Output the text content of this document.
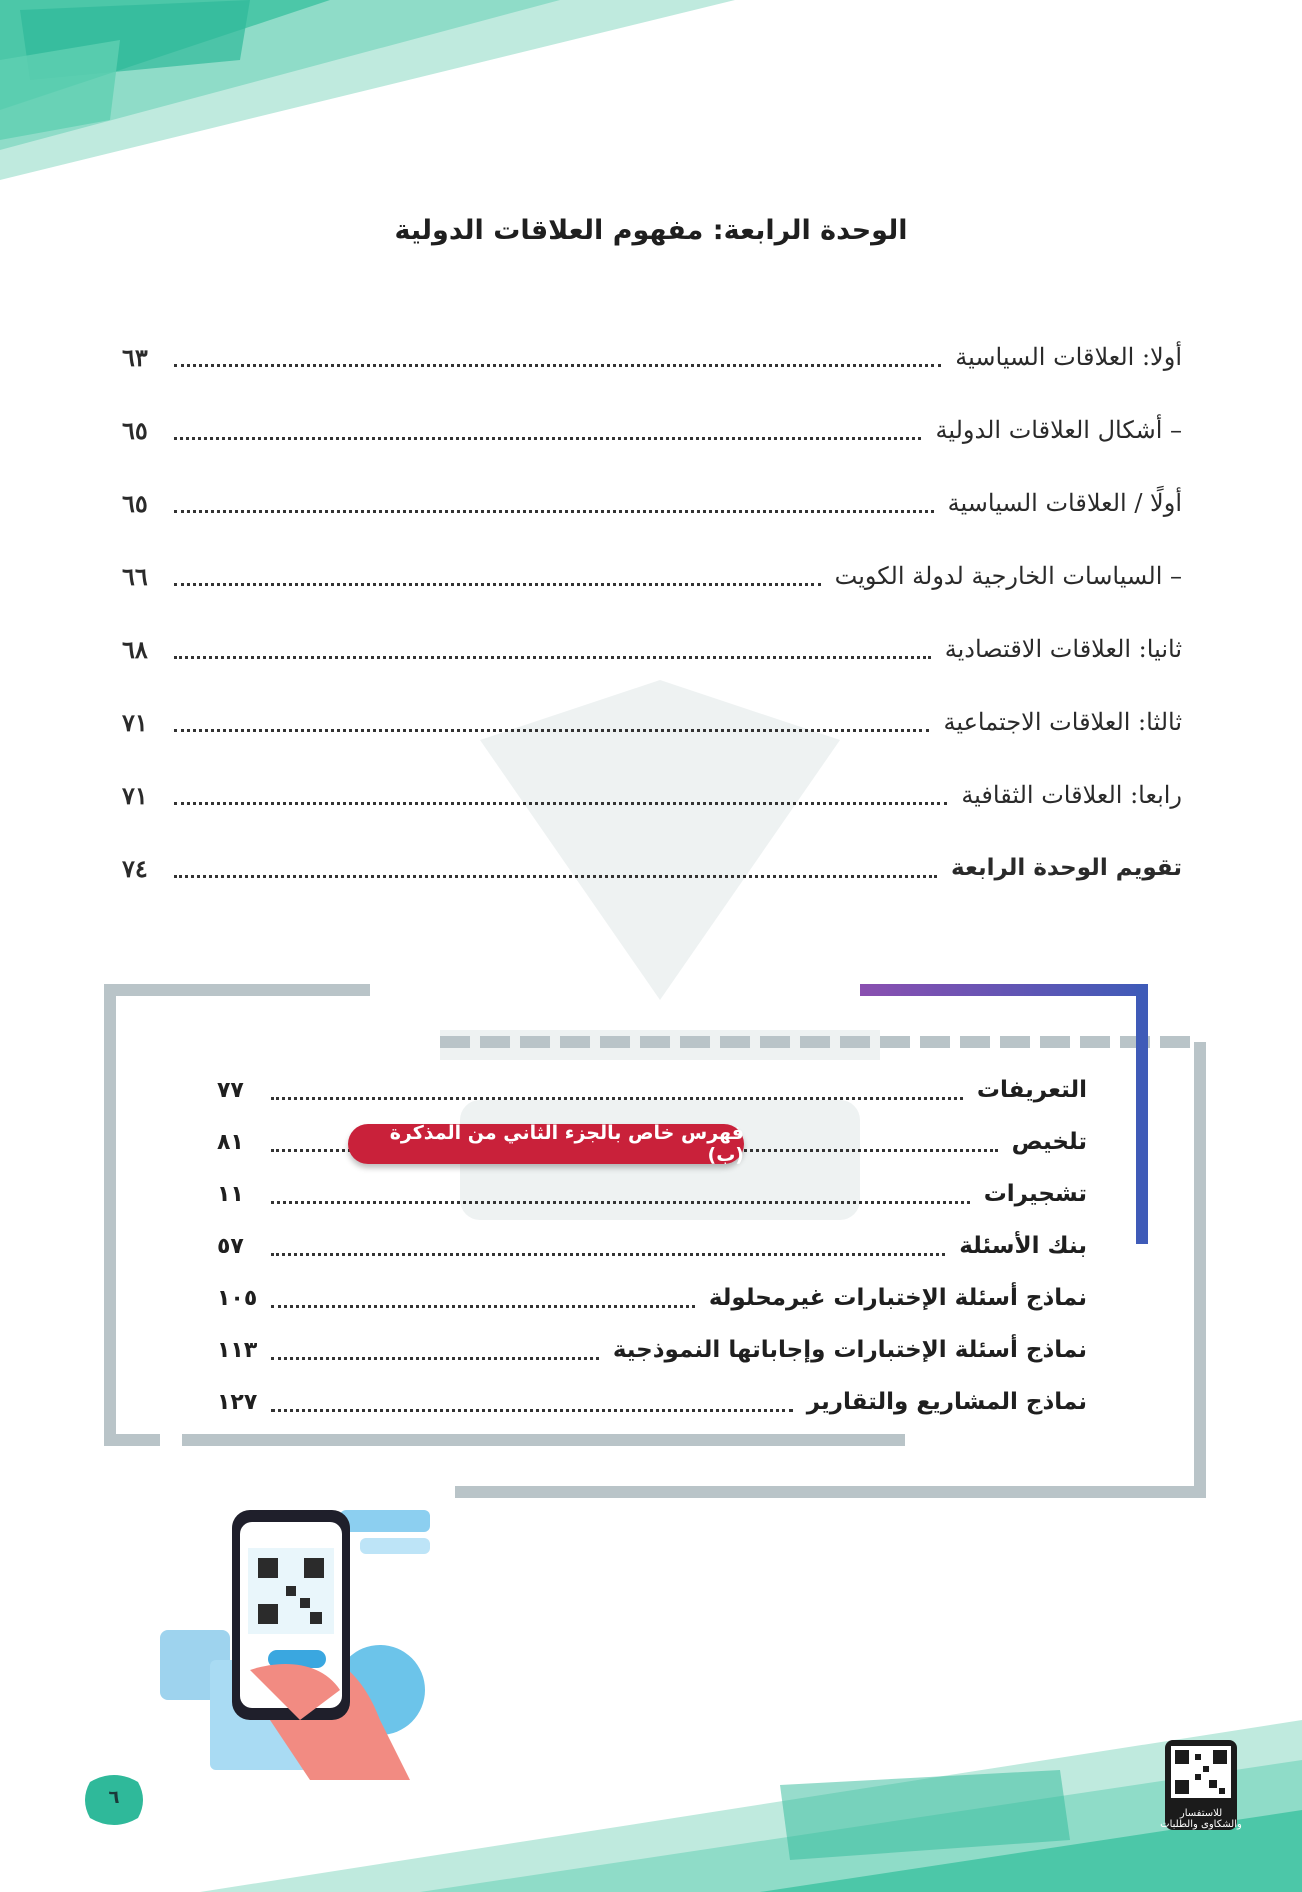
الوحدة الرابعة: مفهوم العلاقات الدولية
أولا: العلاقات السياسية
٦٣
– أشكال العلاقات الدولية
٦٥
أولًا / العلاقات السياسية
٦٥
– السياسات الخارجية لدولة الكويت
٦٦
ثانيا: العلاقات الاقتصادية
٦٨
ثالثا: العلاقات الاجتماعية
٧١
رابعا: العلاقات الثقافية
٧١
تقويم الوحدة الرابعة
٧٤
التعريفات
٧٧
تلخيص
٨١
تشجيرات
١١
بنك الأسئلة
٥٧
نماذج أسئلة الإختبارات غيرمحلولة
١٠٥
نماذج أسئلة الإختبارات وإجاباتها النموذجية
١١٣
نماذج المشاريع والتقارير
١٢٧
فهرس خاص بالجزء الثاني من المذكرة (ب)
٦
للاستفسار والشكاوى والطلبات
